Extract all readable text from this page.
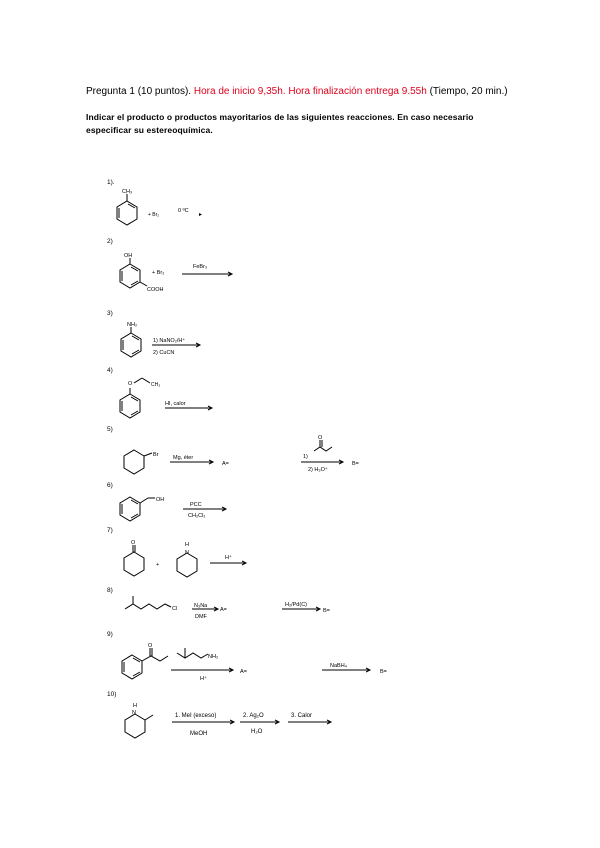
Pregunta 1 (10 puntos). Hora de inicio 9,35h. Hora finalización entrega 9.55h (Tiempo, 20 min.)
Indicar el producto o productos mayoritarios de las siguientes reacciones. En caso necesario especificar su estereoquímica.
1).
2)
3)
4)
5)
6)
7)
8)
9)
10)
CH₃
+ Br₂
0 ºC
▸
OH
+ Br₂
FeBr₃
COOH
NH₂
1) NaNO₂/H⁺
2) CuCN
O	CH₃
HI, calor
Br	Mg, éter
A=
1)
O
2) H₃O⁺
B=
OH
PCC
CH₂Cl₂
O
+
H
N
H⁺
Cl	N₃Na
DMF
A=
H₂/Pd(C)
B=
O
NH₂
H⁺
A=
NaBH₄
B=
H
N	1. MeI (exceso)
MeOH
2. Ag₂O
H₂O
3. Calor
